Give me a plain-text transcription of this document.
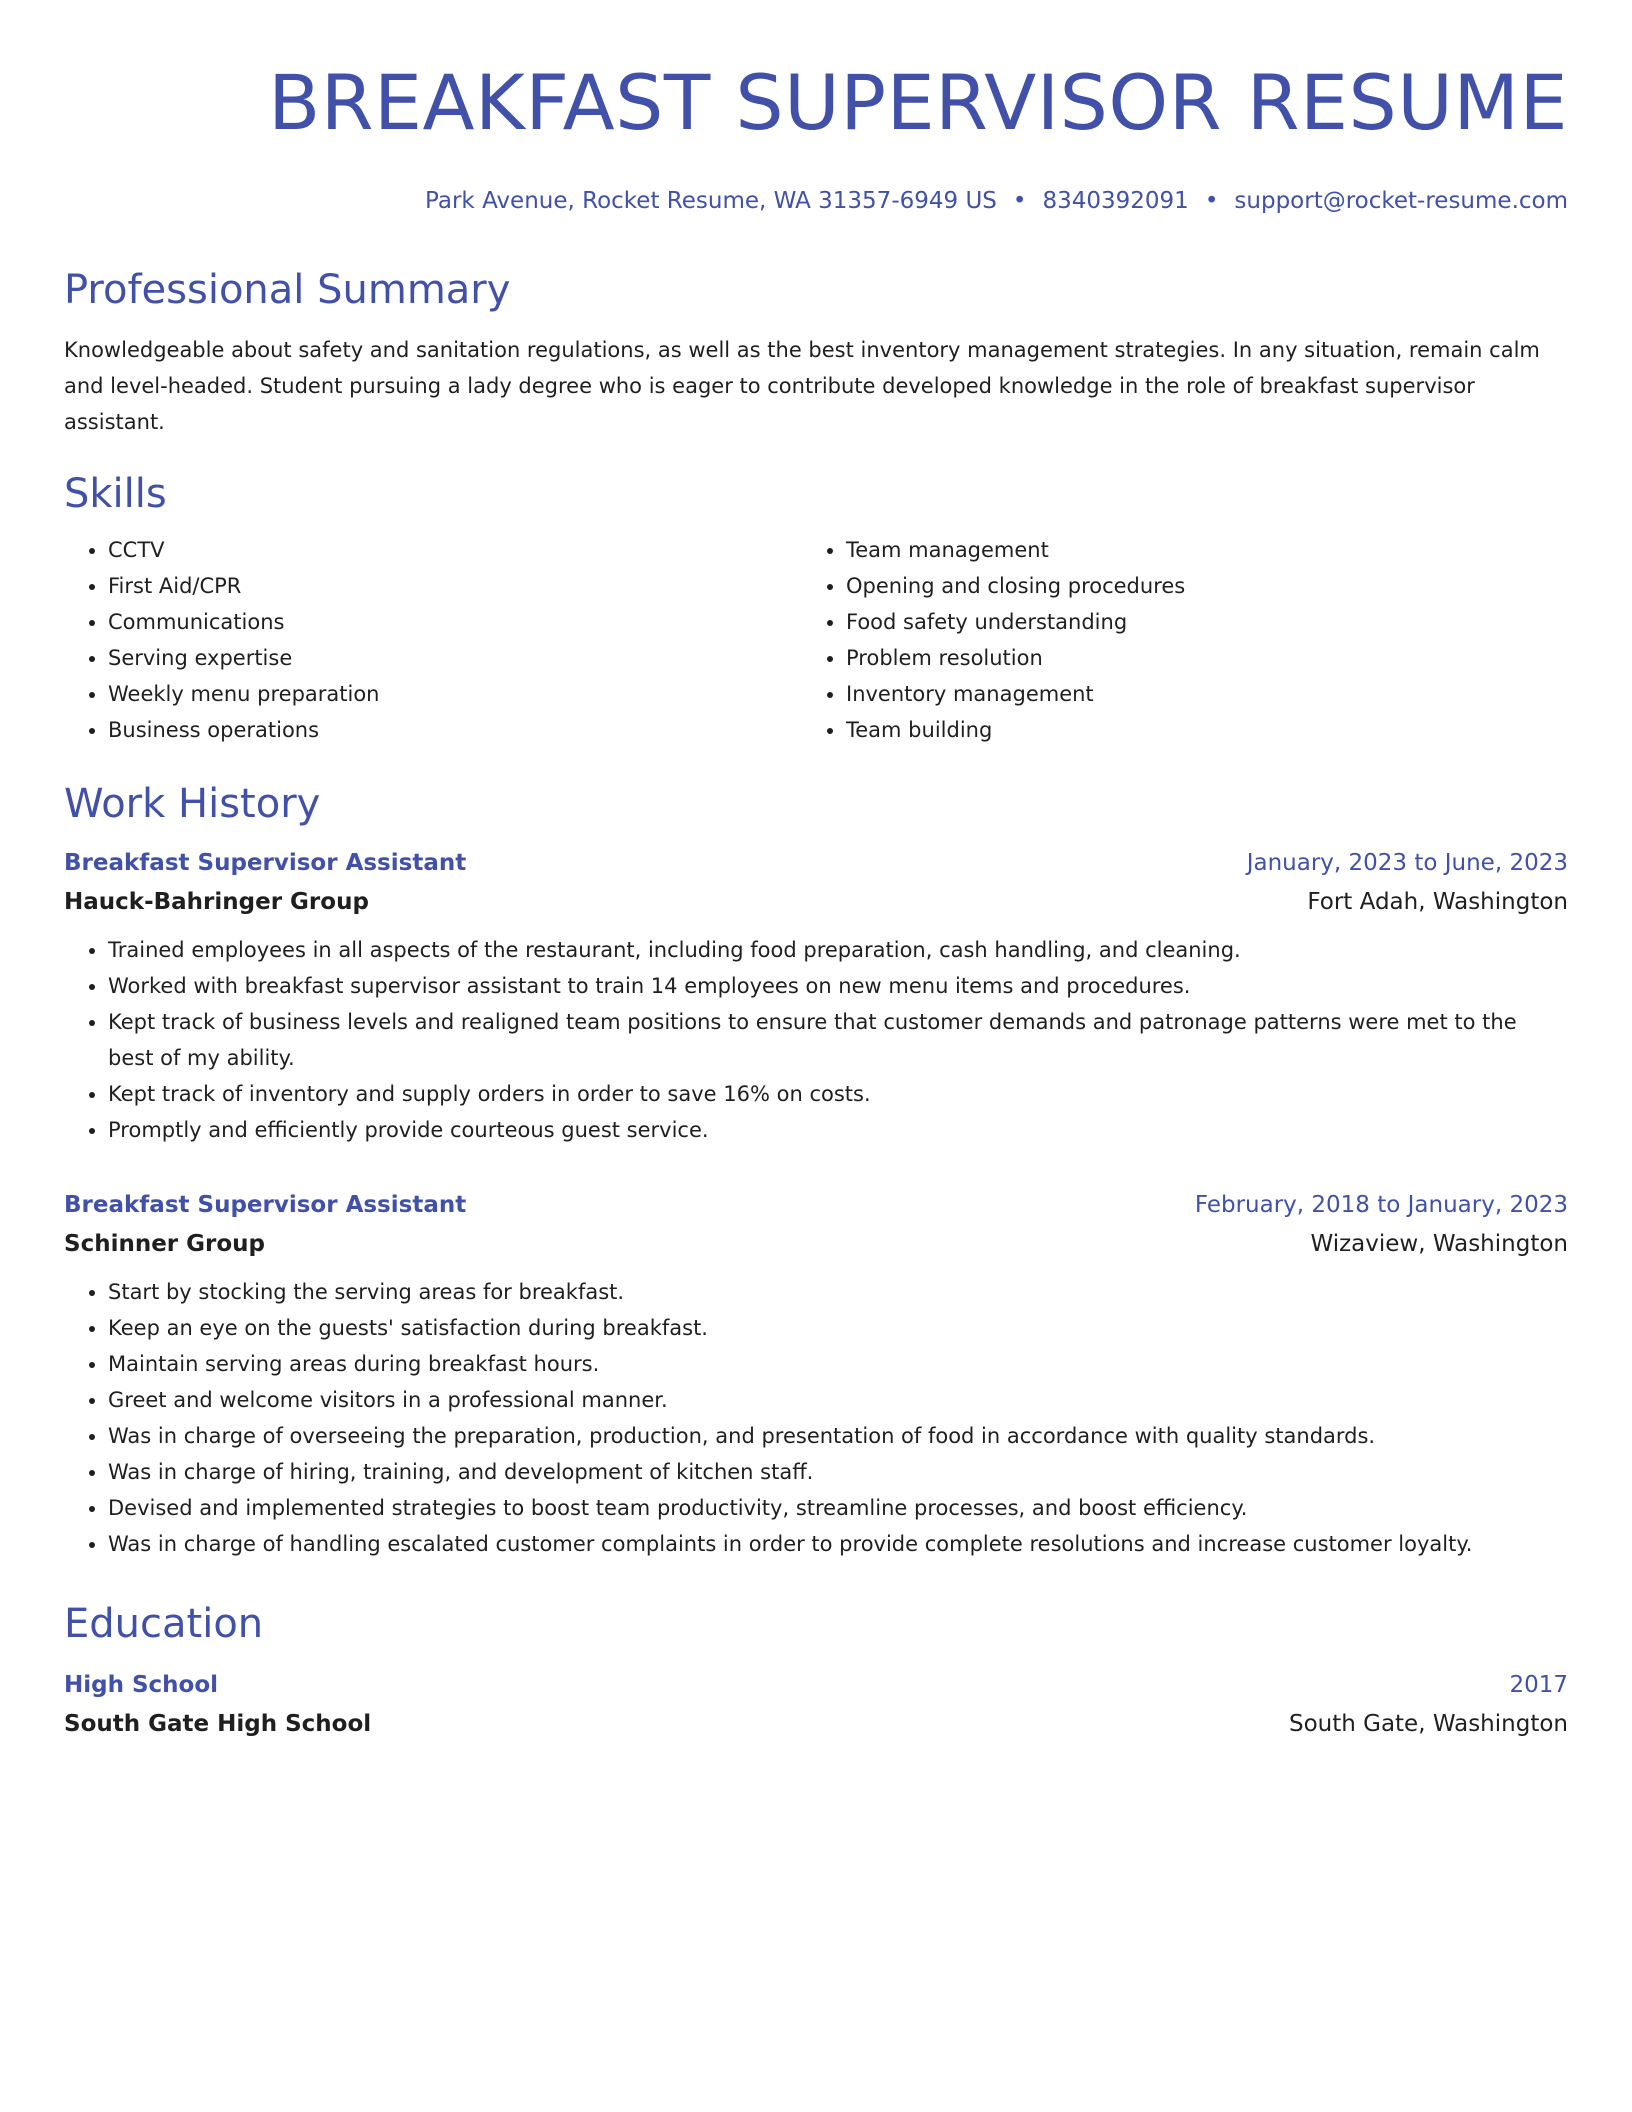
BREAKFAST SUPERVISOR RESUME
Park Avenue, Rocket Resume, WA 31357-6949 US • 8340392091 • support@rocket-resume.com
Professional Summary
Knowledgeable about safety and sanitation regulations, as well as the best inventory management strategies. In any situation, remain calm and level-headed. Student pursuing a lady degree who is eager to contribute developed knowledge in the role of breakfast supervisor assistant.
Skills
• CCTV
• First Aid/CPR
• Communications
• Serving expertise
• Weekly menu preparation
• Business operations
• Team management
• Opening and closing procedures
• Food safety understanding
• Problem resolution
• Inventory management
• Team building
Work History
Breakfast Supervisor Assistant	January, 2023 to June, 2023
Hauck-Bahringer Group	Fort Adah, Washington
• Trained employees in all aspects of the restaurant, including food preparation, cash handling, and cleaning.
• Worked with breakfast supervisor assistant to train 14 employees on new menu items and procedures.
• Kept track of business levels and realigned team positions to ensure that customer demands and patronage patterns were met to the best of my ability.
• Kept track of inventory and supply orders in order to save 16% on costs.
• Promptly and efficiently provide courteous guest service.
Breakfast Supervisor Assistant	February, 2018 to January, 2023
Schinner Group	Wizaview, Washington
• Start by stocking the serving areas for breakfast.
• Keep an eye on the guests' satisfaction during breakfast.
• Maintain serving areas during breakfast hours.
• Greet and welcome visitors in a professional manner.
• Was in charge of overseeing the preparation, production, and presentation of food in accordance with quality standards.
• Was in charge of hiring, training, and development of kitchen staff.
• Devised and implemented strategies to boost team productivity, streamline processes, and boost efficiency.
• Was in charge of handling escalated customer complaints in order to provide complete resolutions and increase customer loyalty.
Education
High School	2017
South Gate High School	South Gate, Washington
